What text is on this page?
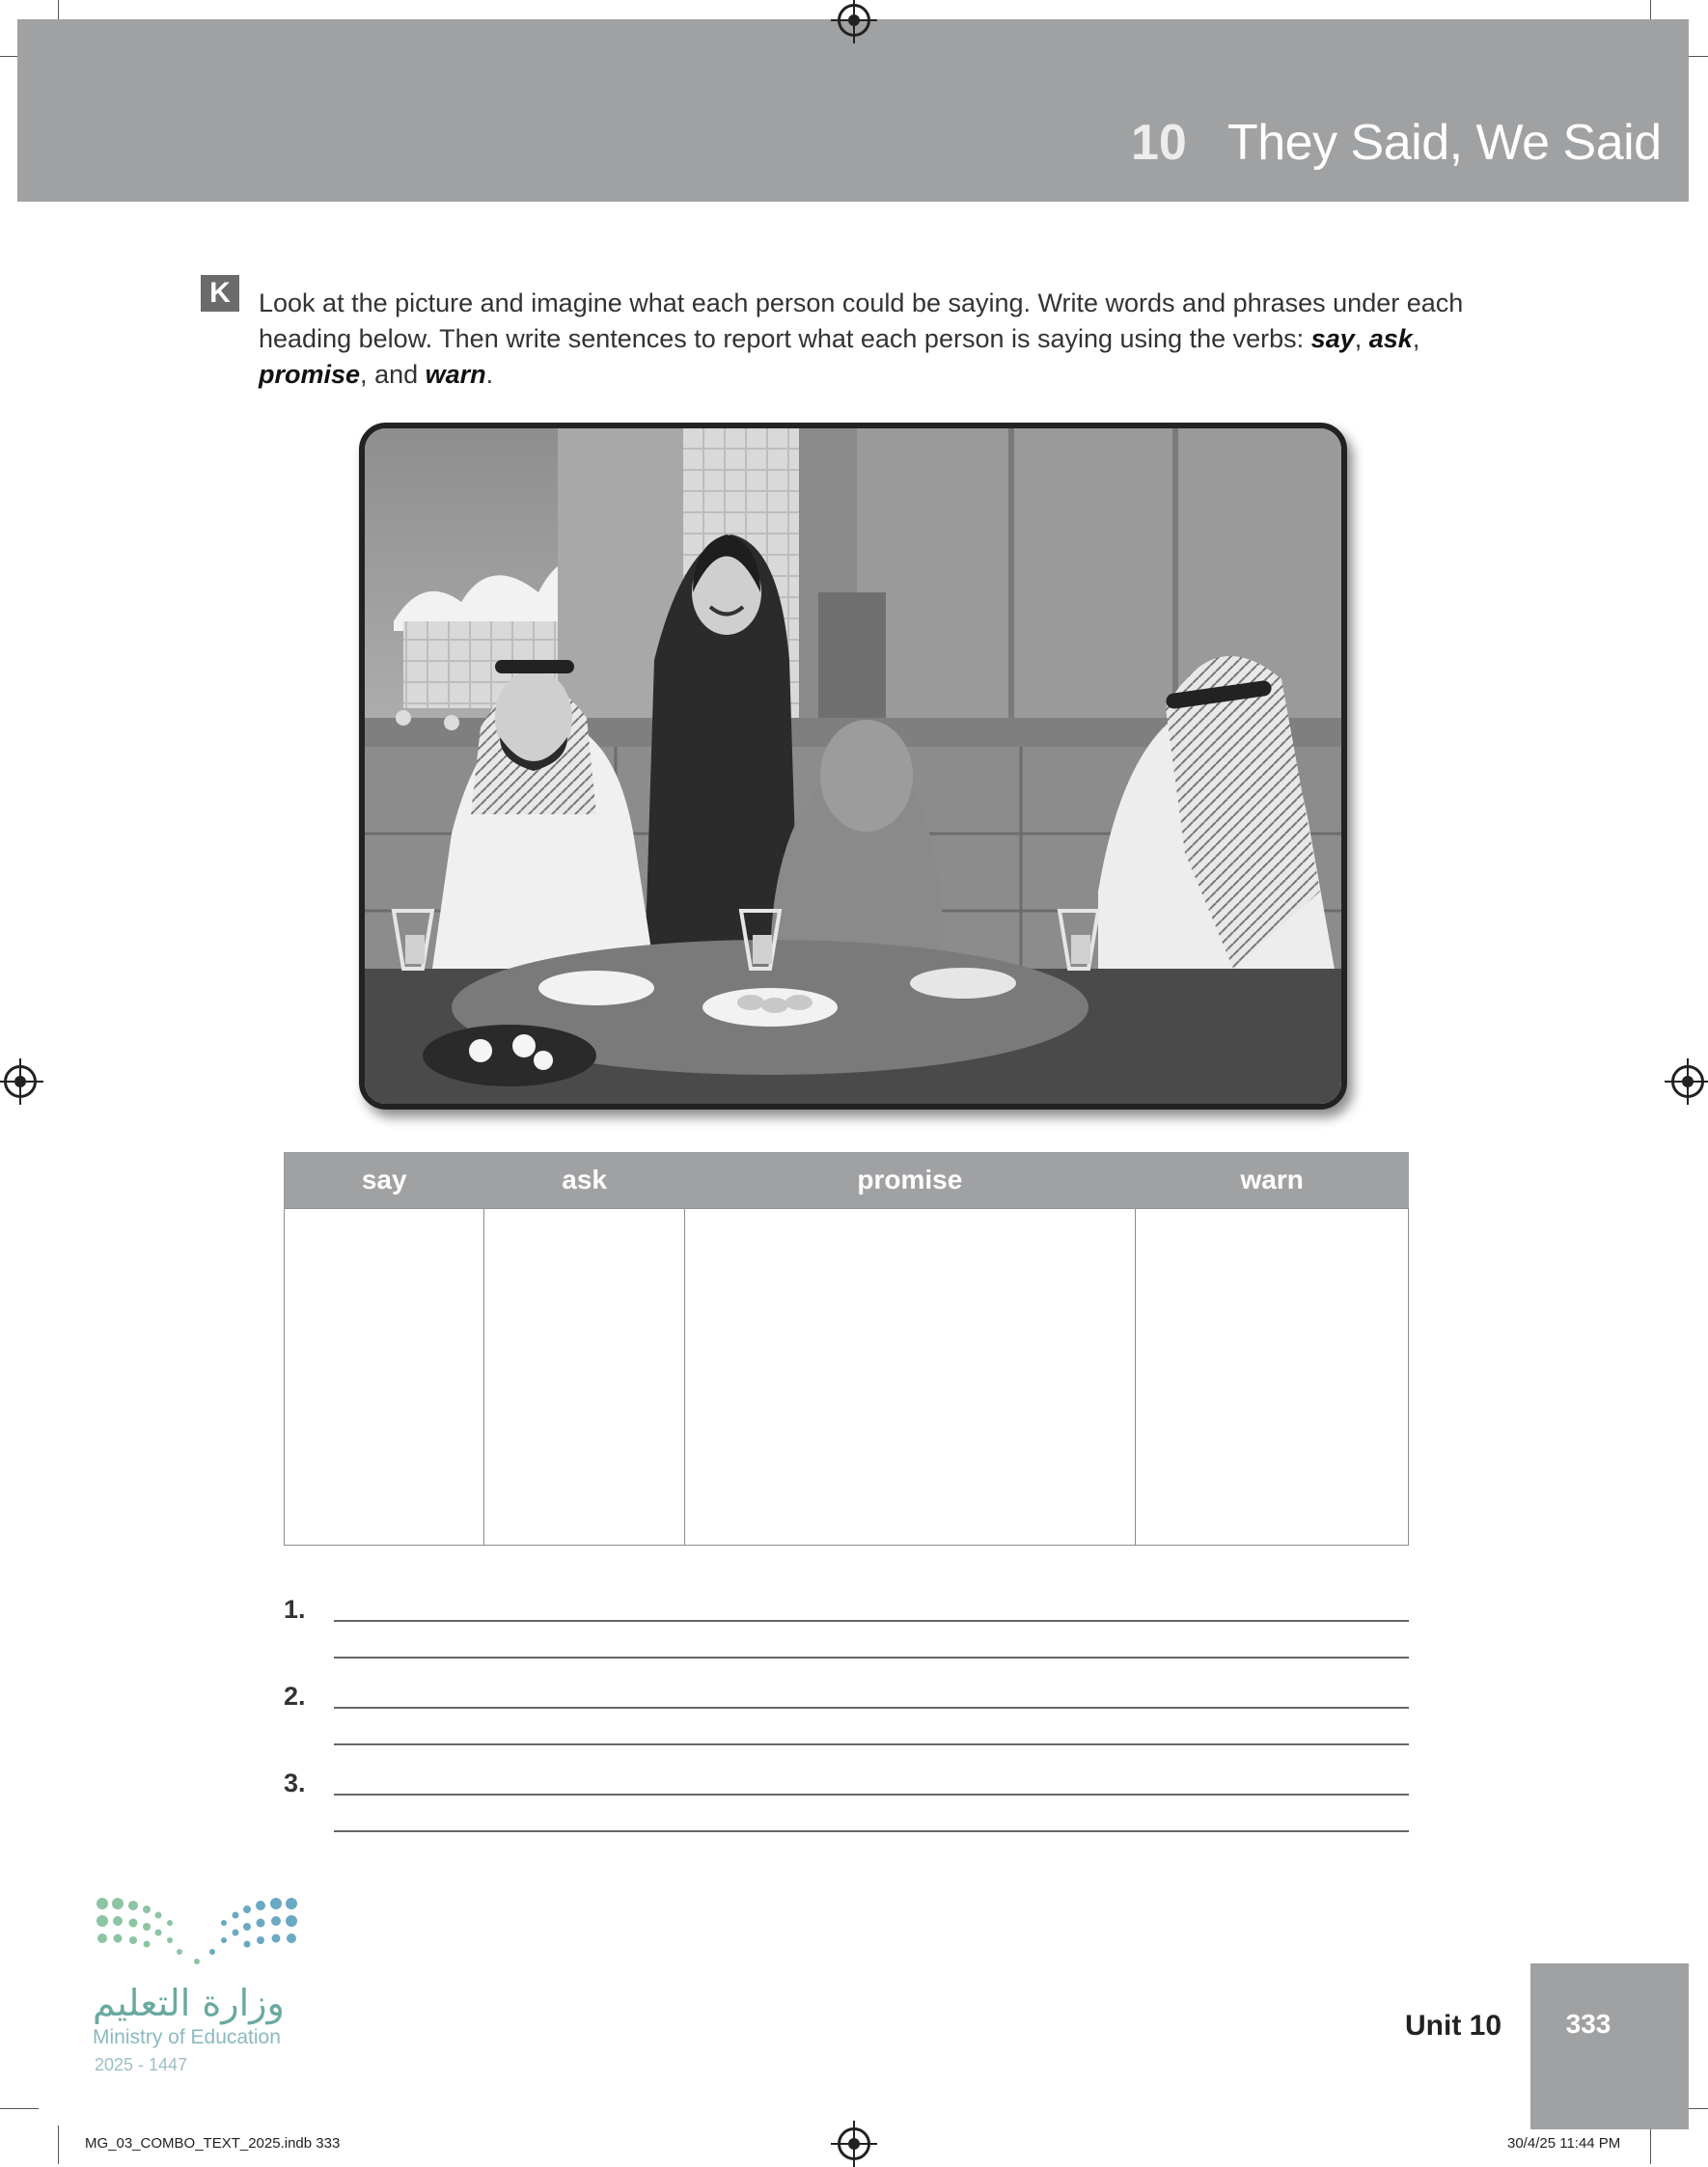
10 They Said, We Said
K	Look at the picture and imagine what each person could be saying. Write words and phrases under each heading below. Then write sentences to report what each person is saying using the verbs: say, ask, promise, and warn.
say	ask	promise	warn

1.
2.
3.
وزارة التعليم
Ministry of Education
2025 - 1447
Unit 10	333
MG_03_COMBO_TEXT_2025.indb 333	30/4/25 11:44 PM
